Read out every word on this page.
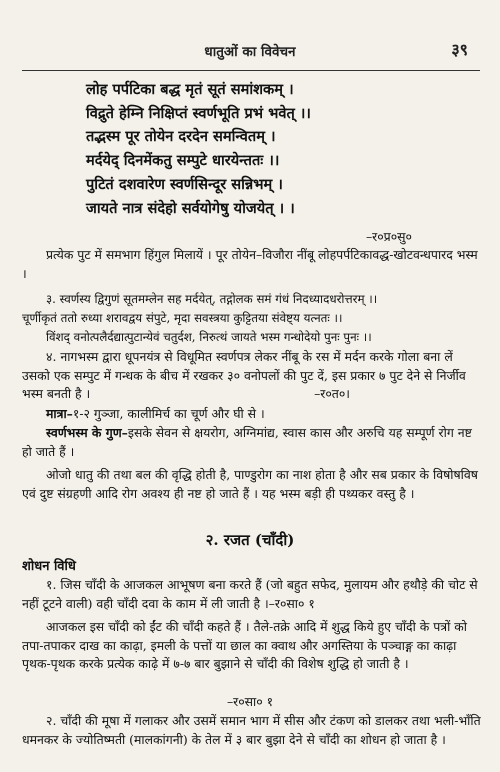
धातुओं का विवेचन	३९
लोह पर्पटिका बद्ध मृतं सूतं समांशकम् ।
विद्रुते हेम्नि निक्षिप्तं स्वर्णभूति प्रभं भवेत् ।।
तद्भस्म पूर तोयेन दरदेन समन्वितम् ।
मर्दयेद् दिनमेंकतु सम्पुटे धारयेन्ततः ।।
पुटितं दशवारेण स्वर्णसिन्दूर सन्निभम् ।
जायते नात्र संदेहो सर्वयोगेषु योजयेत् । ।
–र०प्र०सु०
प्रत्येक पुट में समभाग हिंगुल मिलायें । पूर तोयेन–विजौरा नींबू लोहपर्पटिकावद्ध-खोटवन्धपारद भस्म ।
३. स्वर्णस्य द्विगुणं सूतमम्लेन सह मर्दयेत्, तद्गोलक समं गंधं निदध्यादधरोत्तरम् ।।
चूर्णीकृतं ततो रुध्या शरावद्वय संपुटे, मृदा सवस्त्रया कुट्टितया संवेष्ट्य यत्नतः ।।
विंशद् वनोत्पलैर्दद्यात्पुटान्येवं चतुर्दश, निरुत्थं जायते भस्म गन्धोदेयो पुनः पुनः ।।
४. नागभस्म द्वारा धूपनयंत्र से विधूमित स्वर्णपत्र लेकर नींबू के रस में मर्दन करके गोला बना लें उसको एक सम्पुट में गन्धक के बीच में रखकर ३० वनोपलों की पुट दें, इस प्रकार ७ पुट देने से निर्जीव भस्म बनती है ।	–र०त०।
मात्रा–१-२ गुञ्जा, कालीमिर्च का चूर्ण और घी से ।
स्वर्णभस्म के गुण–इसके सेवन से क्षयरोग, अग्निमांद्य, स्वास कास और अरुचि यह सम्पूर्ण रोग नष्ट हो जाते हैं ।
ओजो धातु की तथा बल की वृद्धि होती है, पाण्डुरोग का नाश होता है और सब प्रकार के विषोषविष एवं दुष्ट संग्रहणी आदि रोग अवश्य ही नष्ट हो जाते हैं । यह भस्म बड़ी ही पथ्यकर वस्तु है ।
२. रजत (चाँदी)
शोधन विधि
१. जिस चाँदी के आजकल आभूषण बना करते हैं (जो बहुत सफेद, मुलायम और हथौड़े की चोट से नहीं टूटने वाली) वही चाँदी दवा के काम में ली जाती है ।–र०सा० १
आजकल इस चाँदी को ईंट की चाँदी कहते हैं । तैले-तक्रे आदि में शुद्ध किये हुए चाँदी के पत्रों को तपा-तपाकर दाख का काढ़ा, इमली के पत्तों या छाल का क्वाथ और अगस्तिया के पञ्चाङ्ग का काढ़ा पृथक-पृथक करके प्रत्येक काढ़े में ७-७ बार बुझाने से चाँदी की विशेष शुद्धि हो जाती है ।
–र०सा० १
२. चाँदी की मूषा में गलाकर और उसमें समान भाग में सीस और टंकण को डालकर तथा भली-भाँति धमनकर के ज्योतिष्मती (मालकांगनी) के तेल में ३ बार बुझा देने से चाँदी का शोधन हो जाता है ।
